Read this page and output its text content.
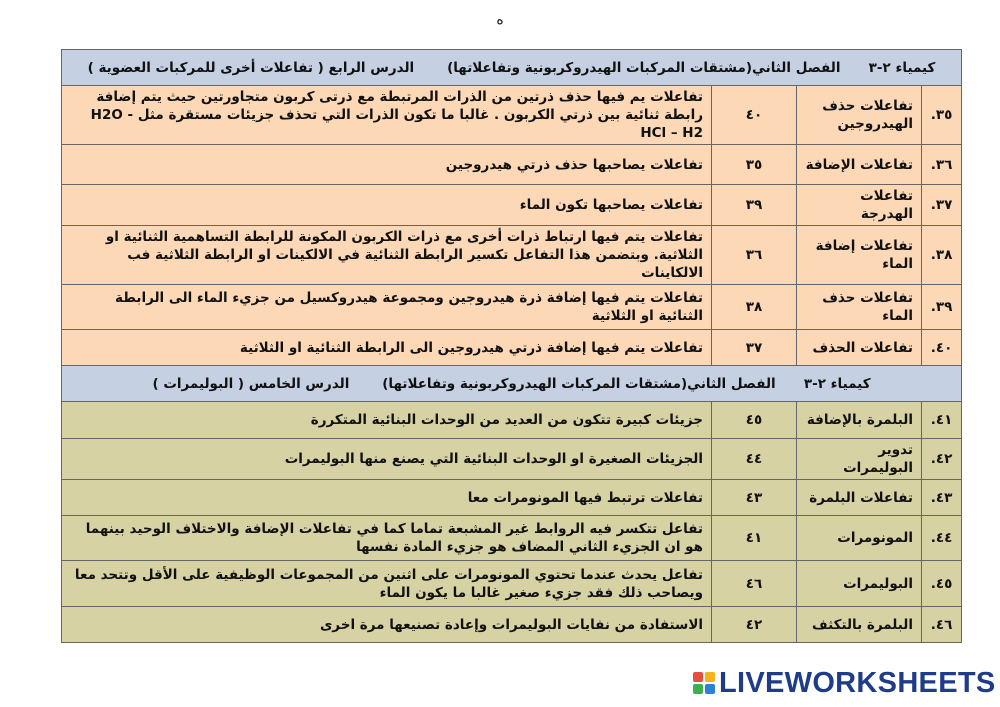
ه
كيمياء ٢-٣      الفصل الثاني(مشتقات المركبات الهيدروكربونية وتفاعلاتها)       الدرس الرابع ( تفاعلات أخرى للمركبات العضوية )			
٣٥.	تفاعلات حذف الهيدروجين	٤٠	تفاعلات يم فيها حذف ذرتين من الذرات المرتبطة مع ذرتى كربون متجاورتين حيث يتم إضافة رابطة ثنائية بين ذرتي الكربون . غالبا ما تكون الذرات التي تحذف جزيئات مستقرة مثل H2O - HCl – H2
٣٦.	تفاعلات الإضافة	٣٥	تفاعلات يصاحبها حذف ذرتي هيدروجين
٣٧.	تفاعلات الهدرجة	٣٩	تفاعلات يصاحبها تكون الماء
٣٨.	تفاعلات إضافة الماء	٣٦	تفاعلات يتم فيها ارتباط ذرات أخرى مع ذرات الكربون المكونة للرابطة التساهمية الثنائية او الثلاثية. وبتضمن هذا التفاعل تكسير الرابطة الثنائية في الالكينات او الرابطة الثلاثية فب الالكاينات
٣٩.	تفاعلات حذف الماء	٣٨	تفاعلات يتم فيها إضافة ذرة هيدروجين ومجموعة هيدروكسيل من جزيء الماء الى الرابطة الثنائية او الثلاثية
٤٠.	تفاعلات الحذف	٣٧	تفاعلات يتم فيها إضافة ذرتي هيدروجين الى الرابطة الثنائية او الثلاثية
كيمياء ٢-٣      الفصل الثاني(مشتقات المركبات الهيدروكربونية وتفاعلاتها)       الدرس الخامس ( البوليمرات )			
٤١.	البلمرة بالإضافة	٤٥	جزيئات كبيرة تتكون من العديد من الوحدات البنائية المتكررة
٤٢.	تدوير البوليمرات	٤٤	الجزيئات الصغيرة او الوحدات البنائية التي يصنع منها البوليمرات
٤٣.	تفاعلات البلمرة	٤٣	تفاعلات ترتبط فيها المونومرات معا
٤٤.	المونومرات	٤١	تفاعل تتكسر فيه الروابط غير المشبعة تماما كما في تفاعلات الإضافة والاختلاف الوحيد بينهما هو ان الجزيء الثاني المضاف هو جزيء المادة نفسها
٤٥.	البوليمرات	٤٦	تفاعل يحدث عندما تحتوي المونومرات على اثنين من المجموعات الوظيفية على الأقل وتتحد معا ويصاحب ذلك فقد جزيء صغير غالبا ما يكون الماء
٤٦.	البلمرة بالتكثف	٤٢	الاستفادة من نفايات البوليمرات وإعادة تصنيعها مرة اخرى
LIVEWORKSHEETS
